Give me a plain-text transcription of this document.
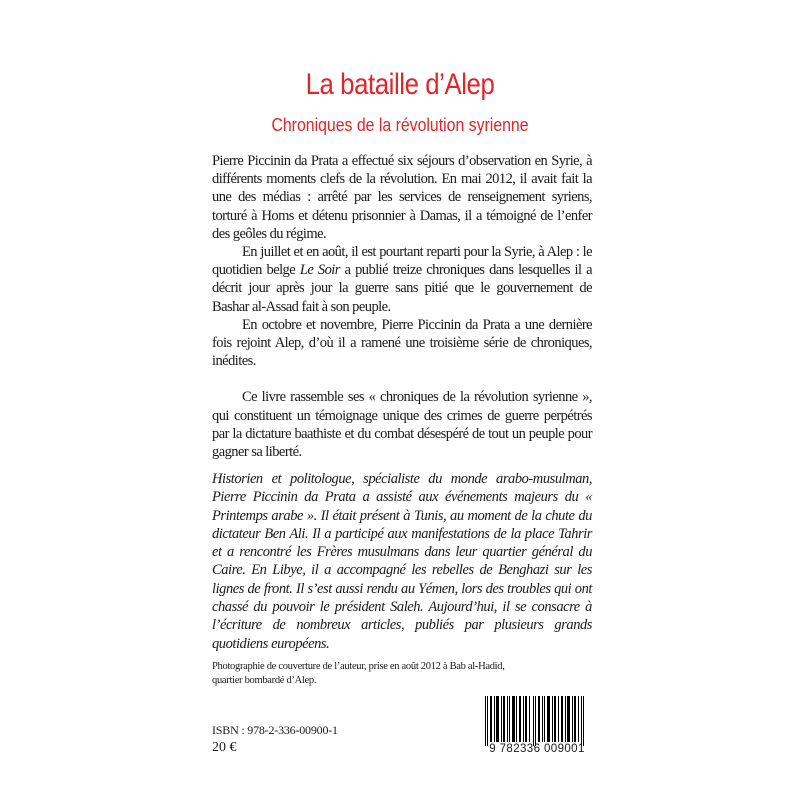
La bataille d’Alep
Chroniques de la révolution syrienne

Pierre Piccinin da Prata a effectué six séjours d’observation en Syrie, à différents moments clefs de la révolution. En mai 2012, il avait fait la une des médias : arrêté par les services de renseignement syriens, torturé à Homs et détenu prisonnier à Damas, il a témoigné de l’enfer des geôles du régime.

En juillet et en août, il est pourtant reparti pour la Syrie, à Alep : le quotidien belge Le Soir a publié treize chroniques dans lesquelles il a décrit jour après jour la guerre sans pitié que le gouvernement de Bashar al-Assad fait à son peuple.

En octobre et novembre, Pierre Piccinin da Prata a une dernière fois rejoint Alep, d’où il a ramené une troisième série de chroniques, inédites.

Ce livre rassemble ses « chroniques de la révolution syrienne », qui constituent un témoignage unique des crimes de guerre perpétrés par la dictature baathiste et du combat désespéré de tout un peuple pour gagner sa liberté.

Historien et politologue, spécialiste du monde arabo-musulman, Pierre Piccinin da Prata a assisté aux événements majeurs du « Printemps arabe ». Il était présent à Tunis, au moment de la chute du dictateur Ben Ali. Il a participé aux manifestations de la place Tahrir et a rencontré les Frères musulmans dans leur quartier général du Caire. En Libye, il a accompagné les rebelles de Benghazi sur les lignes de front. Il s’est aussi rendu au Yémen, lors des troubles qui ont chassé du pouvoir le président Saleh. Aujourd’hui, il se consacre à l’écriture de nombreux articles, publiés par plusieurs grands quotidiens européens.

Photographie de couverture de l’auteur, prise en août 2012 à Bab al-Hadid,

quartier bombardé d’Alep.

ISBN : 978-2-336-00900-1
20 €	9 782336 009001
